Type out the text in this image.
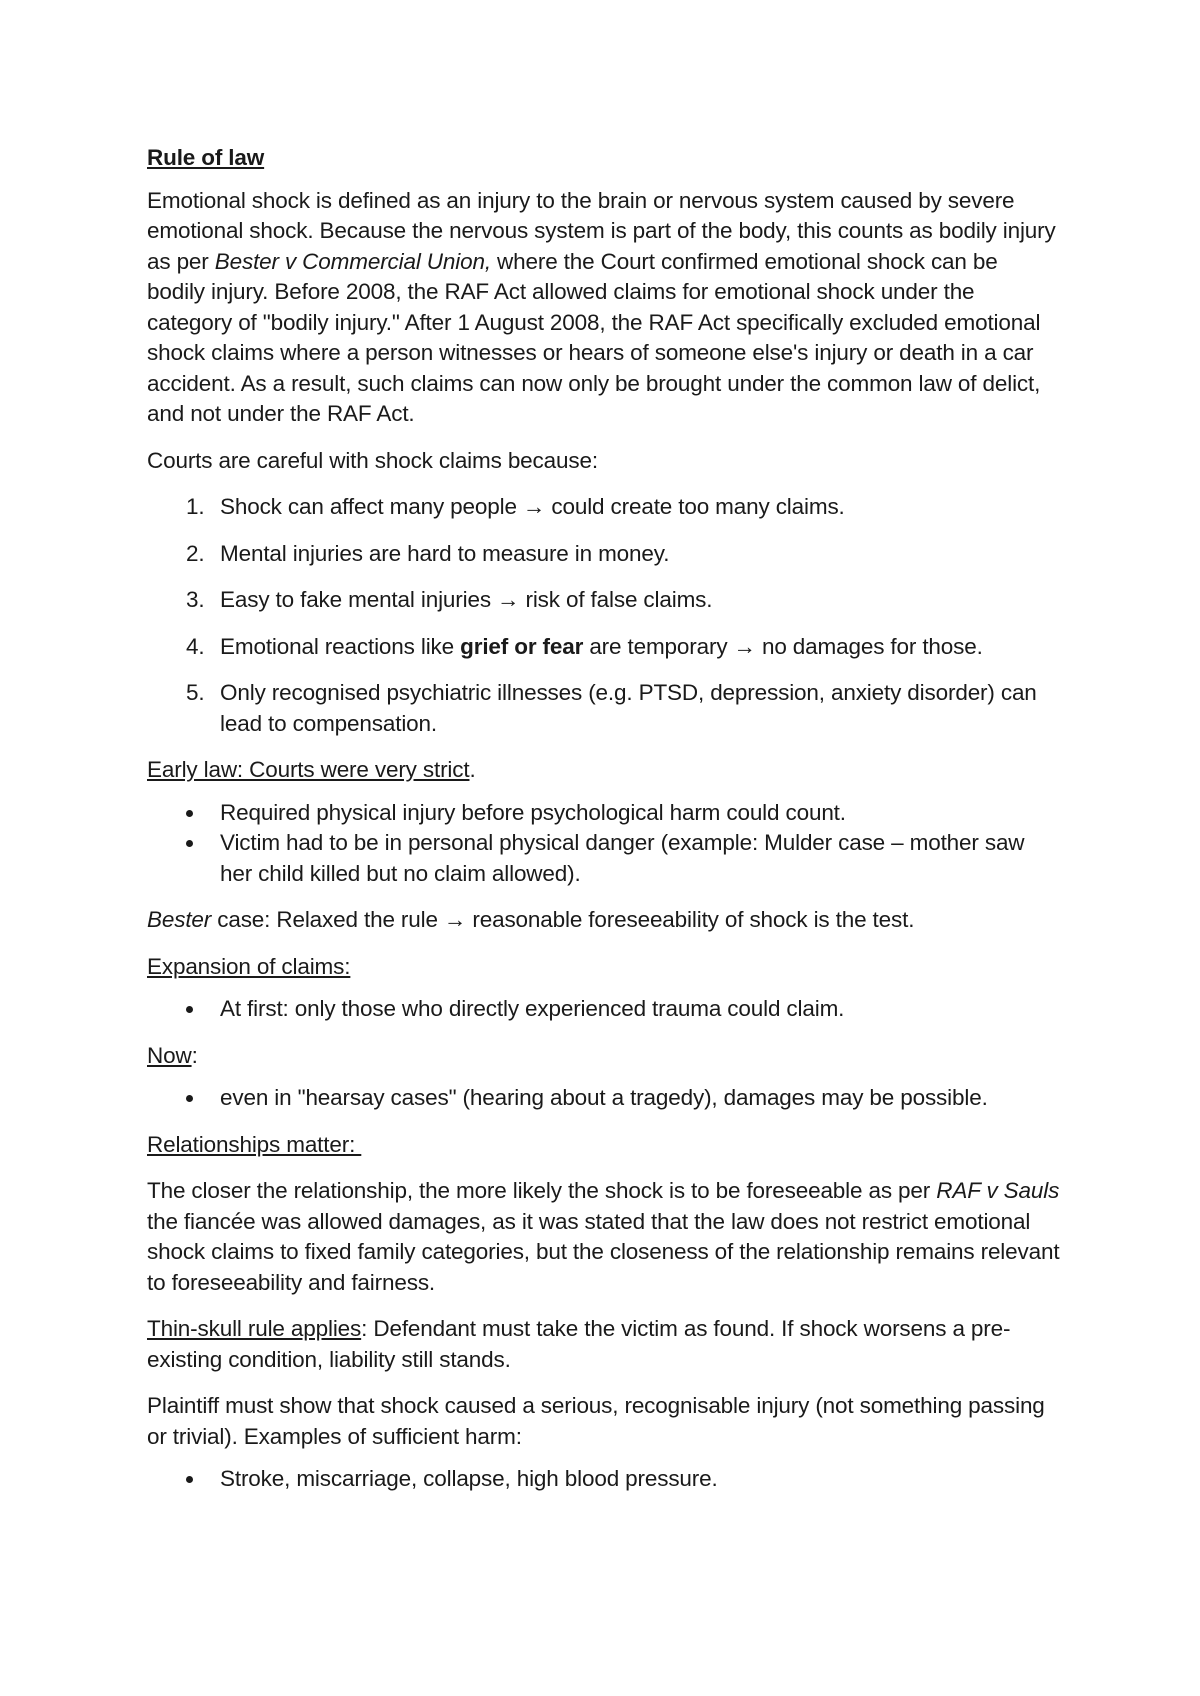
Rule of law

Emotional shock is defined as an injury to the brain or nervous system caused by severe emotional shock. Because the nervous system is part of the body, this counts as bodily injury as per Bester v Commercial Union, where the Court confirmed emotional shock can be bodily injury. Before 2008, the RAF Act allowed claims for emotional shock under the category of "bodily injury." After 1 August 2008, the RAF Act specifically excluded emotional shock claims where a person witnesses or hears of someone else's injury or death in a car accident. As a result, such claims can now only be brought under the common law of delict, and not under the RAF Act.

Courts are careful with shock claims because:

1. Shock can affect many people → could create too many claims.
2. Mental injuries are hard to measure in money.
3. Easy to fake mental injuries → risk of false claims.
4. Emotional reactions like grief or fear are temporary → no damages for those.
5. Only recognised psychiatric illnesses (e.g. PTSD, depression, anxiety disorder) can lead to compensation.

Early law: Courts were very strict.

Required physical injury before psychological harm could count.
Victim had to be in personal physical danger (example: Mulder case – mother saw her child killed but no claim allowed).

Bester case: Relaxed the rule → reasonable foreseeability of shock is the test.

Expansion of claims:

At first: only those who directly experienced trauma could claim.

Now:

even in "hearsay cases" (hearing about a tragedy), damages may be possible.

Relationships matter:

The closer the relationship, the more likely the shock is to be foreseeable as per RAF v Sauls the fiancée was allowed damages, as it was stated that the law does not restrict emotional shock claims to fixed family categories, but the closeness of the relationship remains relevant to foreseeability and fairness.

Thin-skull rule applies: Defendant must take the victim as found. If shock worsens a pre-existing condition, liability still stands.

Plaintiff must show that shock caused a serious, recognisable injury (not something passing or trivial). Examples of sufficient harm:

Stroke, miscarriage, collapse, high blood pressure.
